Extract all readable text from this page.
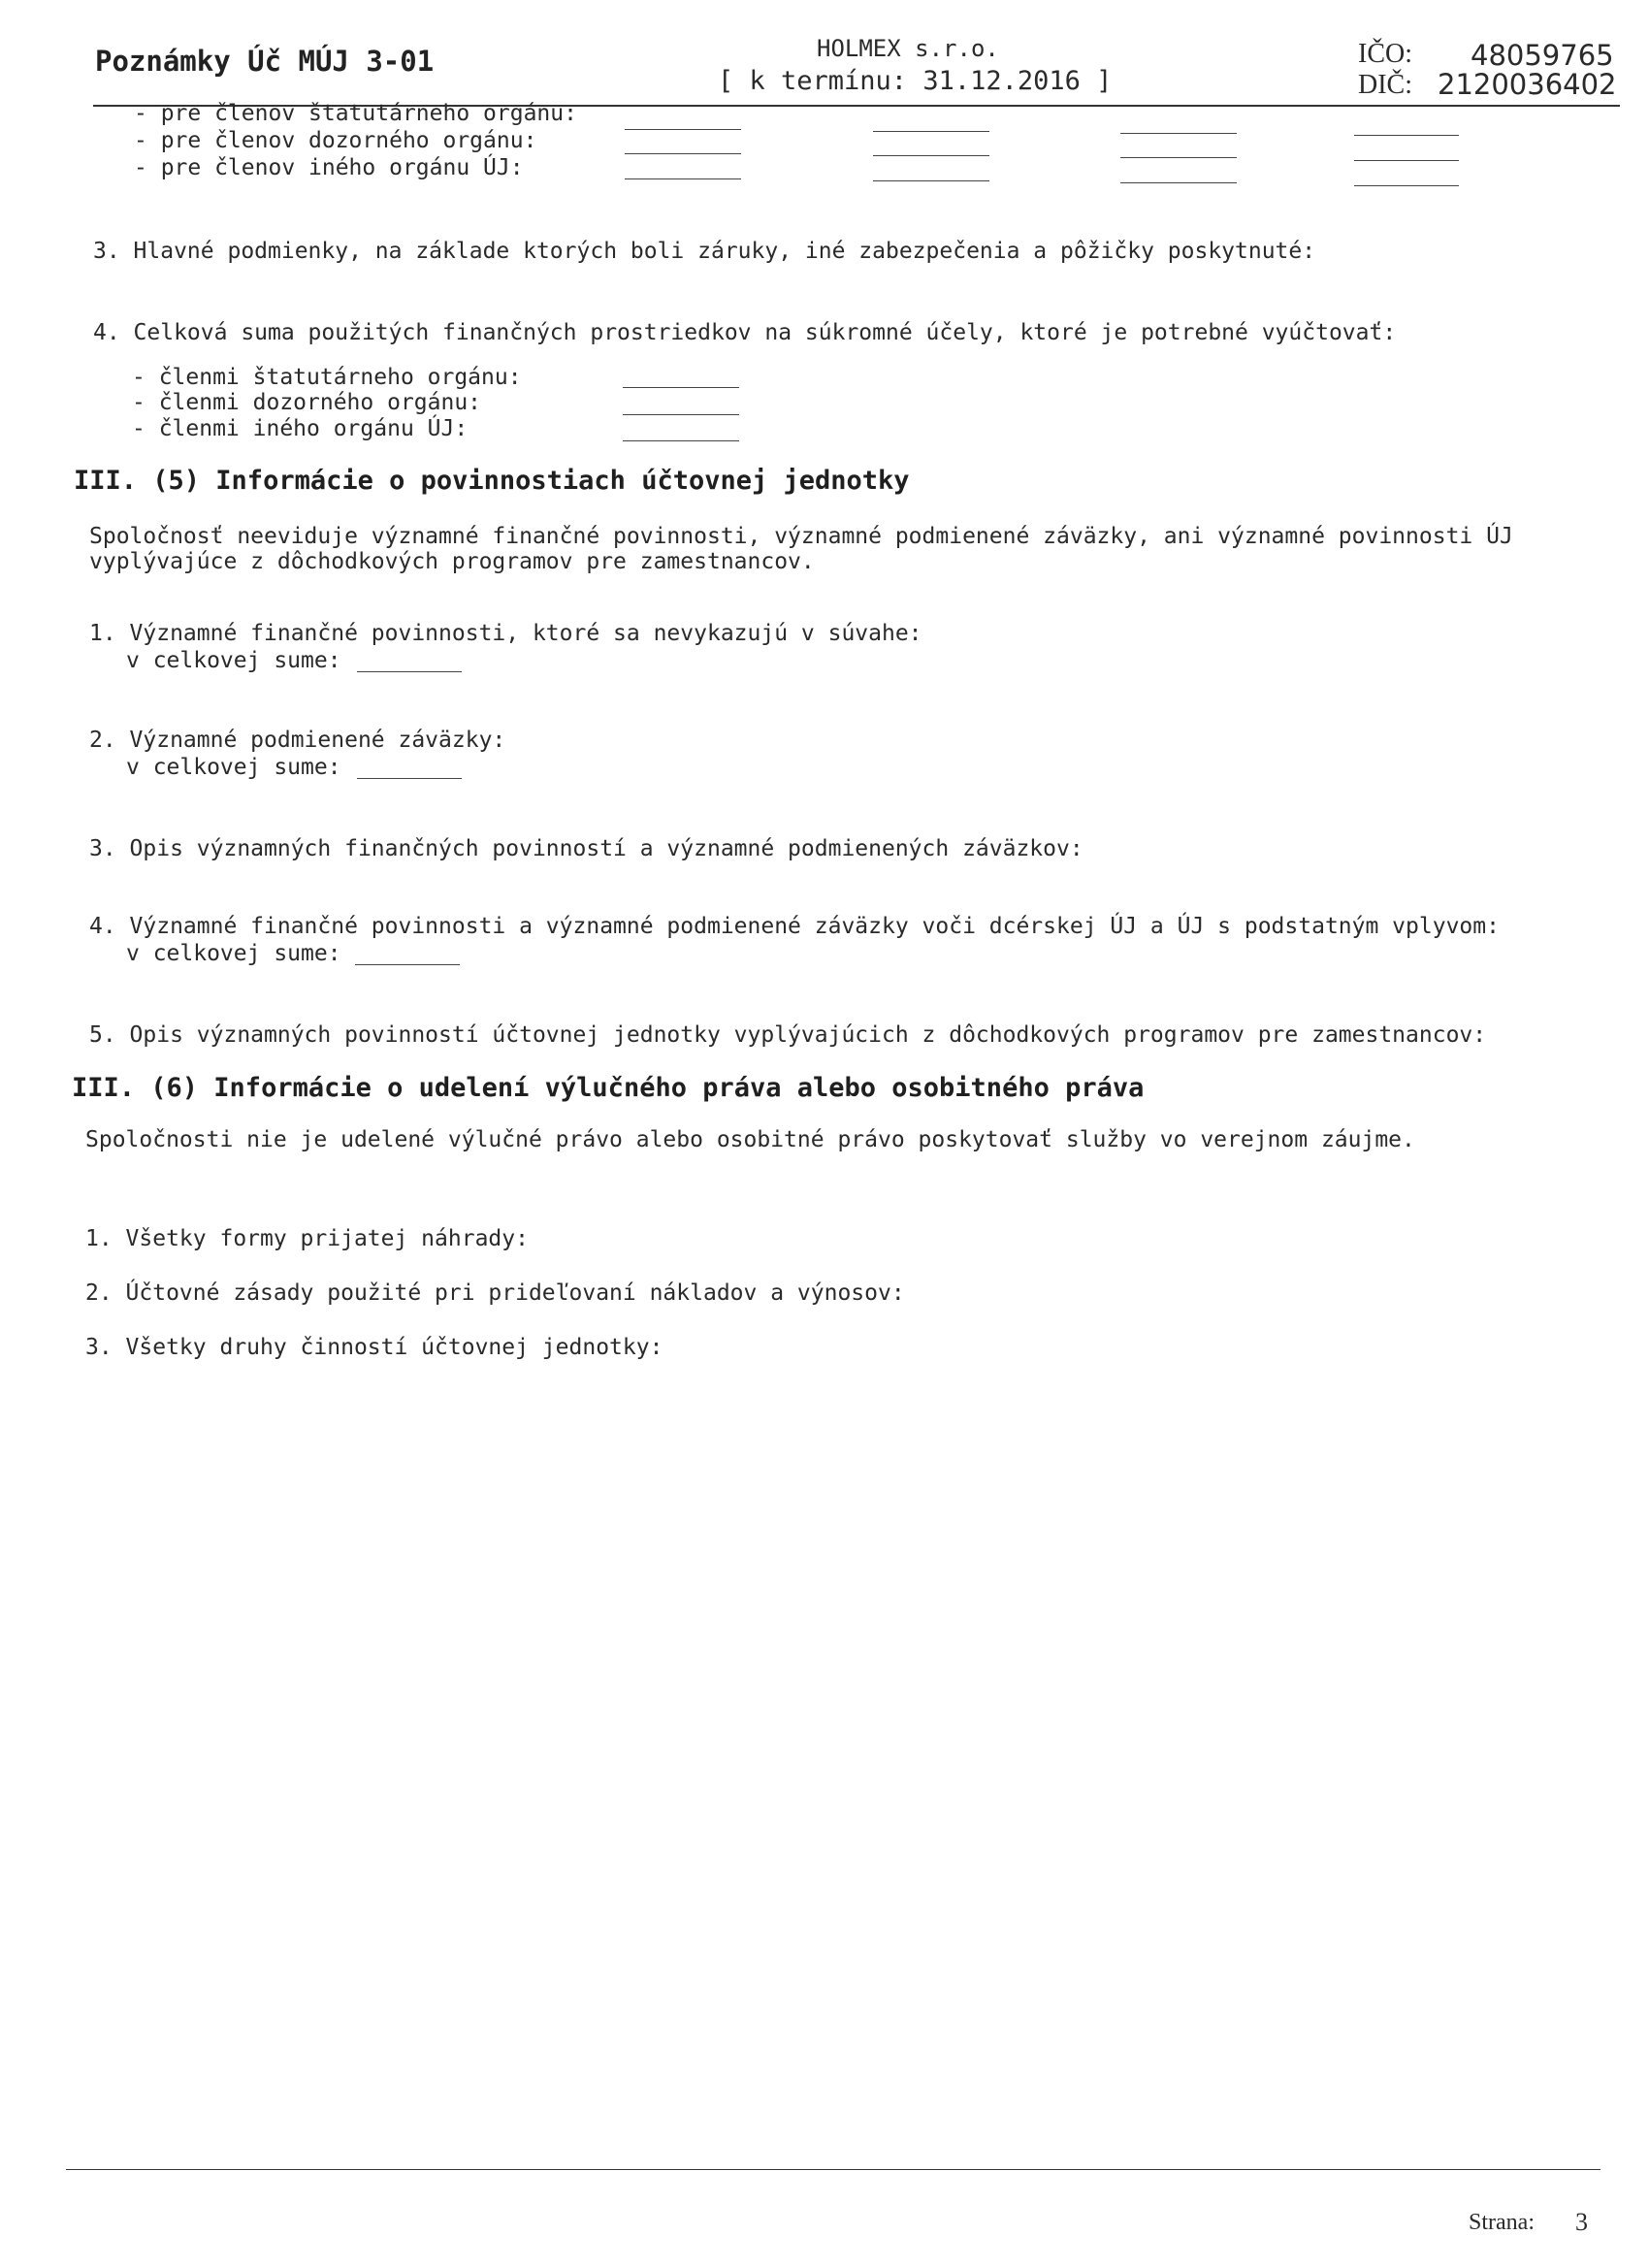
Poznámky Úč MÚJ 3-01	HOLMEX s.r.o.
[ k termínu: 31.12.2016 ]
IČO: 48059765
DIČ: 2120036402
- pre členov štatutárneho orgánu:
- pre členov dozorného orgánu:
- pre členov iného orgánu ÚJ:
3. Hlavné podmienky, na základe ktorých boli záruky, iné zabezpečenia a pôžičky poskytnuté:
4. Celková suma použitých finančných prostriedkov na súkromné účely, ktoré je potrebné vyúčtovať:
- členmi štatutárneho orgánu:
- členmi dozorného orgánu:
- členmi iného orgánu ÚJ:
III. (5) Informácie o povinnostiach účtovnej jednotky
Spoločnosť neeviduje významné finančné povinnosti, významné podmienené záväzky, ani významné povinnosti ÚJ
vyplývajúce z dôchodkových programov pre zamestnancov.
1. Významné finančné povinnosti, ktoré sa nevykazujú v súvahe:
v celkovej sume:
2. Významné podmienené záväzky:
v celkovej sume:
3. Opis významných finančných povinností a významné podmienených záväzkov:
4. Významné finančné povinnosti a významné podmienené záväzky voči dcérskej ÚJ a ÚJ s podstatným vplyvom:
v celkovej sume:
5. Opis významných povinností účtovnej jednotky vyplývajúcich z dôchodkových programov pre zamestnancov:
III. (6) Informácie o udelení výlučného práva alebo osobitného práva
Spoločnosti nie je udelené výlučné právo alebo osobitné právo poskytovať služby vo verejnom záujme.
1. Všetky formy prijatej náhrady:
2. Účtovné zásady použité pri prideľovaní nákladov a výnosov:
3. Všetky druhy činností účtovnej jednotky:
Strana: 3
